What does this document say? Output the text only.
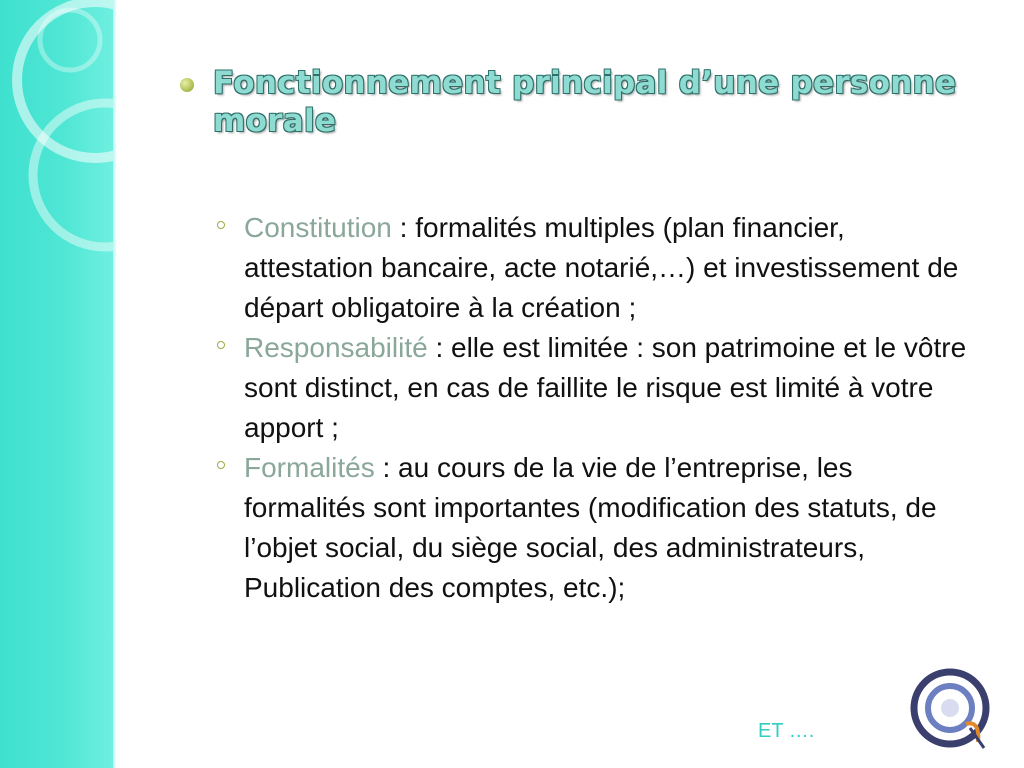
Fonctionnement principal d’une personne morale
Constitution : formalités multiples (plan financier, attestation bancaire, acte notarié,…) et investissement de départ obligatoire à la création ;
Responsabilité : elle est limitée : son patrimoine et le vôtre sont distinct, en cas de faillite le risque est limité à votre apport ;
Formalités : au cours de la vie de l’entreprise, les formalités sont importantes (modification des statuts, de l’objet social, du siège social, des administrateurs, Publication des comptes, etc.);
ET ….
